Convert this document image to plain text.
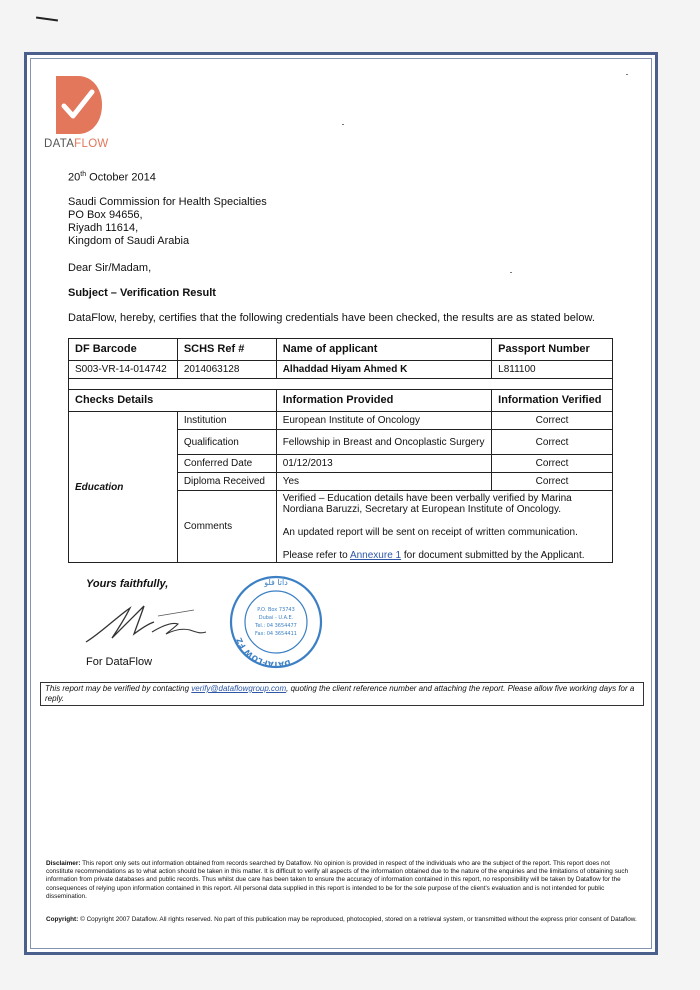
DATAFLOW
20th October 2014
Saudi Commission for Health Specialties
PO Box 94656,
Riyadh 11614,
Kingdom of Saudi Arabia
Dear Sir/Madam,
Subject – Verification Result
DataFlow, hereby, certifies that the following credentials have been checked, the results are as stated below.
DF Barcode	SCHS Ref #	Name of applicant	Passport Number
S003-VR-14-014742	2014063128	Alhaddad Hiyam Ahmed K	L811100

Checks Details		Information Provided	Information Verified
Education	Institution	European Institute of Oncology	Correct
	Qualification	Fellowship in Breast and Oncoplastic Surgery	Correct
	Conferred Date	01/12/2013	Correct
	Diploma Received	Yes	Correct
	Comments	Verified – Education details have been verbally verified by Marina Nordiana Baruzzi, Secretary at European Institute of Oncology.
An updated report will be sent on receipt of written communication.
Please refer to Annexure 1 for document submitted by the Applicant.	
Yours faithfully,	داتا فلو
P.O. Box 73743
Dubai - U.A.E.
Tel.: 04 3654477
Fax: 04 3654411
DATAFLOW FZ-LLC
For DataFlow
This report may be verified by contacting verify@dataflowgroup.com, quoting the client reference number and attaching the report. Please allow five working days for a reply.
Disclaimer: This report only sets out information obtained from records searched by Dataflow. No opinion is provided in respect of the individuals who are the subject of the report. This report does not constitute recommendations as to what action should be taken in this matter. It is difficult to verify all aspects of the information obtained due to the nature of the enquiries and the limitations of obtaining such information from private databases and public records. Thus whilst due care has been taken to ensure the accuracy of information contained in this report, no responsibility will be taken by Dataflow for the consequences of relying upon information contained in this report. All personal data supplied in this report is intended to be for the sole purpose of the client's evaluation and is not intended for public dissemination.
Copyright: © Copyright 2007 Dataflow. All rights reserved. No part of this publication may be reproduced, photocopied, stored on a retrieval system, or transmitted without the express prior consent of Dataflow.
